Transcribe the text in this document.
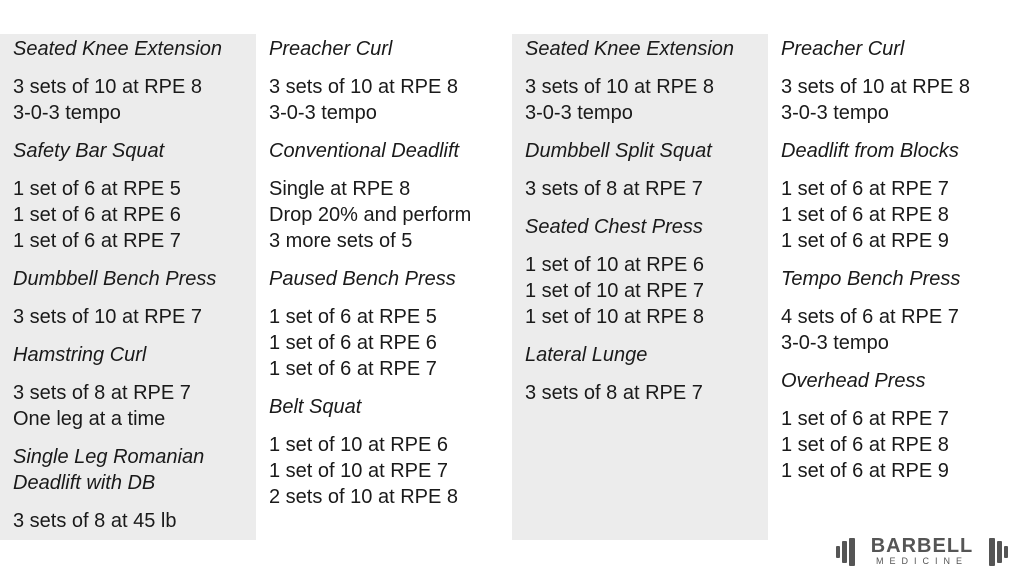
Seated Knee Extension
3 sets of 10 at RPE 8
3-0-3 tempo
Safety Bar Squat
1 set of 6 at RPE 5
1 set of 6 at RPE 6
1 set of 6 at RPE 7
Dumbbell Bench Press
3 sets of 10 at RPE 7
Hamstring Curl
3 sets of 8 at RPE 7
One leg at a time
Single Leg Romanian Deadlift with DB
3 sets of 8 at 45 lb
Preacher Curl
3 sets of 10 at RPE 8
3-0-3 tempo
Conventional Deadlift
Single at RPE 8
Drop 20% and perform
3 more sets of 5
Paused Bench Press
1 set of 6 at RPE 5
1 set of 6 at RPE 6
1 set of 6 at RPE 7
Belt Squat
1 set of 10 at RPE 6
1 set of 10 at RPE 7
2 sets of 10 at RPE 8
Seated Knee Extension
3 sets of 10 at RPE 8
3-0-3 tempo
Dumbbell Split Squat
3 sets of 8 at RPE 7
Seated Chest Press
1 set of 10 at RPE 6
1 set of 10 at RPE 7
1 set of 10 at RPE 8
Lateral Lunge
3 sets of 8 at RPE 7
Preacher Curl
3 sets of 10 at RPE 8
3-0-3 tempo
Deadlift from Blocks
1 set of 6 at RPE 7
1 set of 6 at RPE 8
1 set of 6 at RPE 9
Tempo Bench Press
4 sets of 6 at RPE 7
3-0-3 tempo
Overhead Press
1 set of 6 at RPE 7
1 set of 6 at RPE 8
1 set of 6 at RPE 9
BARBELL
MEDICINE
